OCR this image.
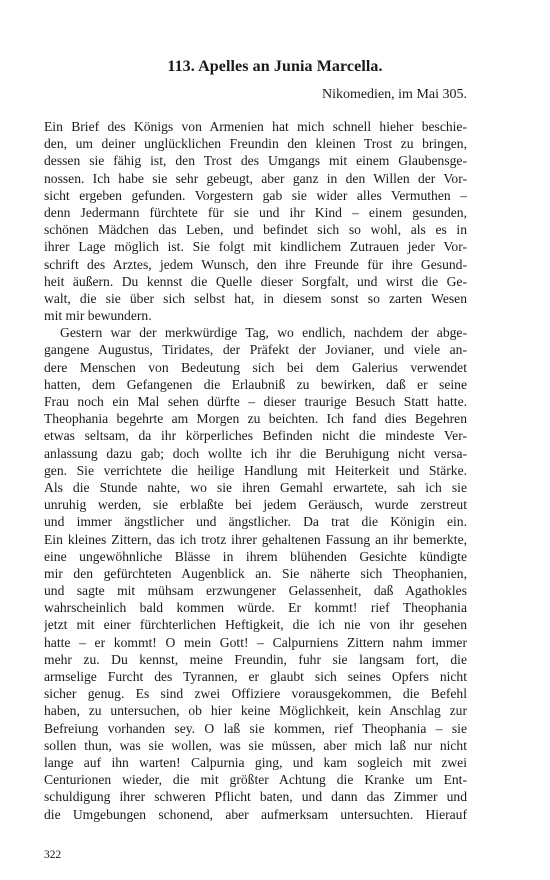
113. Apelles an Junia Marcella.
Nikomedien, im Mai 305.
Ein Brief des Königs von Armenien hat mich schnell hieher beschie-
den, um deiner unglücklichen Freundin den kleinen Trost zu bringen,
dessen sie fähig ist, den Trost des Umgangs mit einem Glaubensge-
nossen. Ich habe sie sehr gebeugt, aber ganz in den Willen der Vor-
sicht ergeben gefunden. Vorgestern gab sie wider alles Vermuthen –
denn Jedermann fürchtete für sie und ihr Kind – einem gesunden,
schönen Mädchen das Leben, und befindet sich so wohl, als es in
ihrer Lage möglich ist. Sie folgt mit kindlichem Zutrauen jeder Vor-
schrift des Arztes, jedem Wunsch, den ihre Freunde für ihre Gesund-
heit äußern. Du kennst die Quelle dieser Sorgfalt, und wirst die Ge-
walt, die sie über sich selbst hat, in diesem sonst so zarten Wesen
mit mir bewundern.
Gestern war der merkwürdige Tag, wo endlich, nachdem der abge-
gangene Augustus, Tiridates, der Präfekt der Jovianer, und viele an-
dere Menschen von Bedeutung sich bei dem Galerius verwendet
hatten, dem Gefangenen die Erlaubniß zu bewirken, daß er seine
Frau noch ein Mal sehen dürfte – dieser traurige Besuch Statt hatte.
Theophania begehrte am Morgen zu beichten. Ich fand dies Begehren
etwas seltsam, da ihr körperliches Befinden nicht die mindeste Ver-
anlassung dazu gab; doch wollte ich ihr die Beruhigung nicht versa-
gen. Sie verrichtete die heilige Handlung mit Heiterkeit und Stärke.
Als die Stunde nahte, wo sie ihren Gemahl erwartete, sah ich sie
unruhig werden, sie erblaßte bei jedem Geräusch, wurde zerstreut
und immer ängstlicher und ängstlicher. Da trat die Königin ein.
Ein kleines Zittern, das ich trotz ihrer gehaltenen Fassung an ihr bemerkte,
eine ungewöhnliche Blässe in ihrem blühenden Gesichte kündigte
mir den gefürchteten Augenblick an. Sie näherte sich Theophanien,
und sagte mit mühsam erzwungener Gelassenheit, daß Agathokles
wahrscheinlich bald kommen würde. Er kommt! rief Theophania
jetzt mit einer fürchterlichen Heftigkeit, die ich nie von ihr gesehen
hatte – er kommt! O mein Gott! – Calpurniens Zittern nahm immer
mehr zu. Du kennst, meine Freundin, fuhr sie langsam fort, die
armselige Furcht des Tyrannen, er glaubt sich seines Opfers nicht
sicher genug. Es sind zwei Offiziere vorausgekommen, die Befehl
haben, zu untersuchen, ob hier keine Möglichkeit, kein Anschlag zur
Befreiung vorhanden sey. O laß sie kommen, rief Theophania – sie
sollen thun, was sie wollen, was sie müssen, aber mich laß nur nicht
lange auf ihn warten! Calpurnia ging, und kam sogleich mit zwei
Centurionen wieder, die mit größter Achtung die Kranke um Ent-
schuldigung ihrer schweren Pflicht baten, und dann das Zimmer und
die Umgebungen schonend, aber aufmerksam untersuchten. Hierauf
322
